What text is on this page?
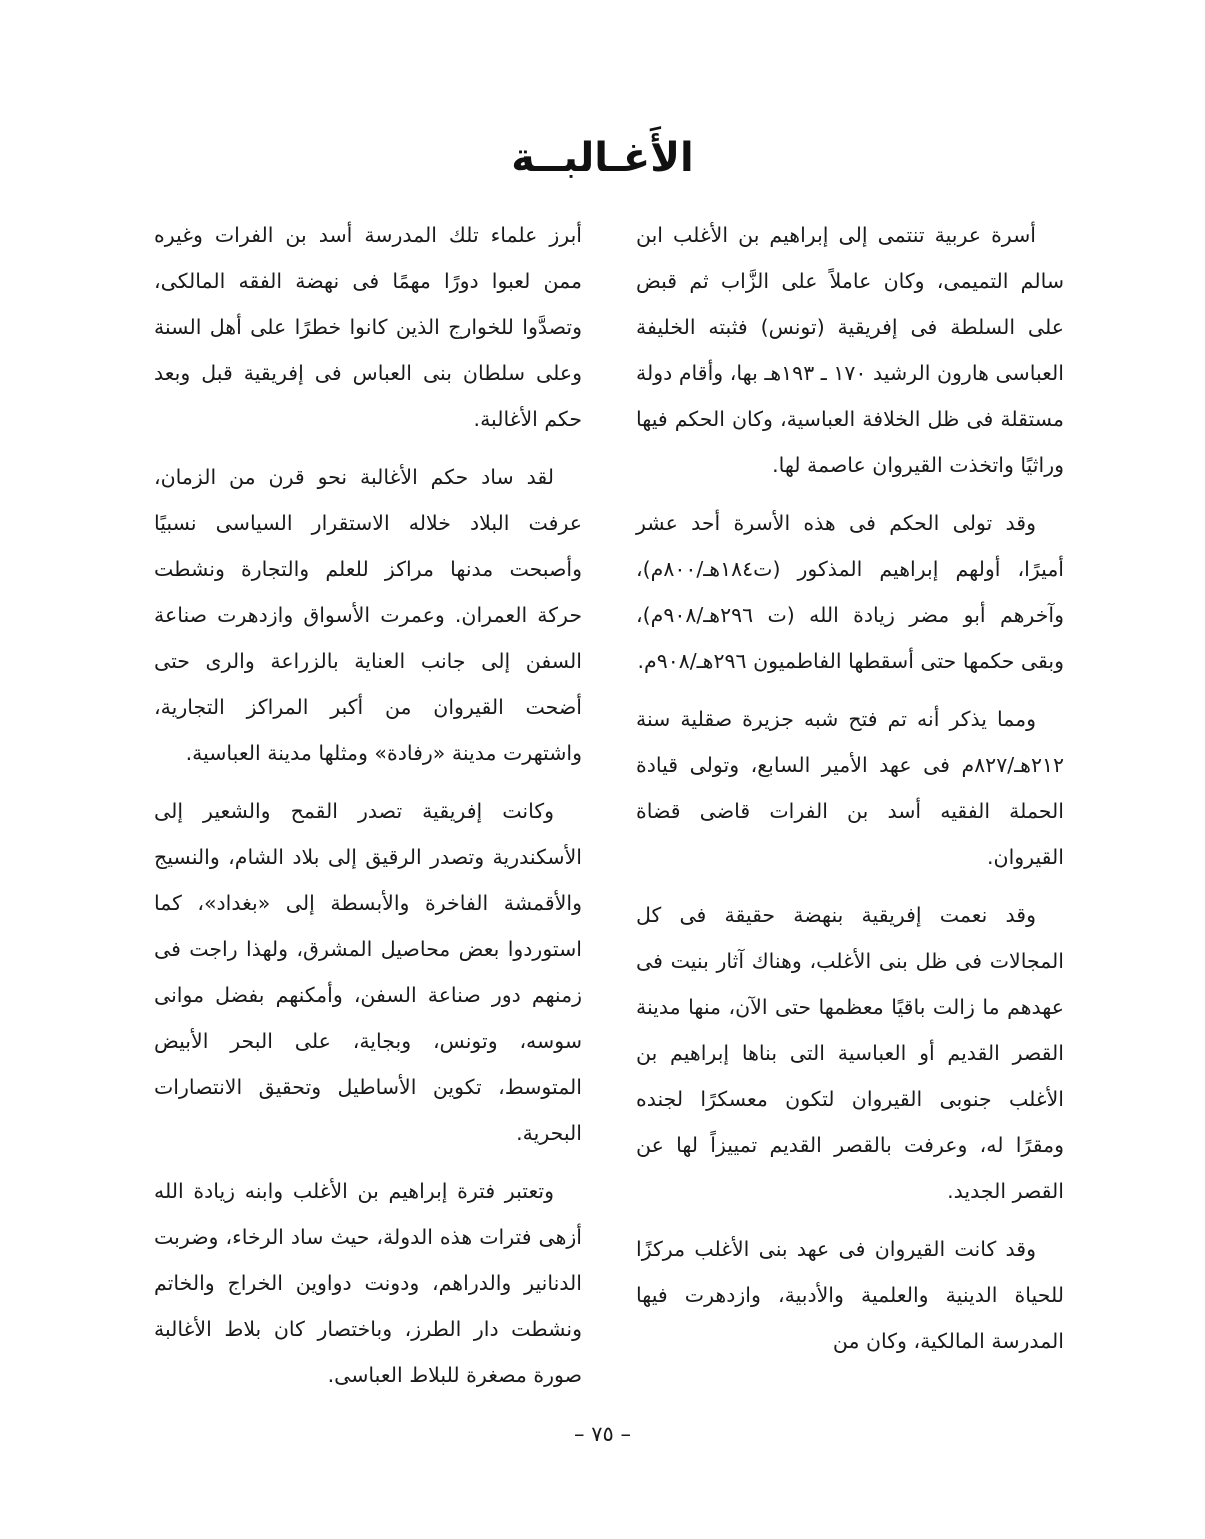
الأَغـالبــة

أسرة عربية تنتمى إلى إبراهيم بن الأغلب ابن سالم التميمى، وكان عاملاً على الزَّاب ثم قبض على السلطة فى إفريقية (تونس) فثبته الخليفة العباسى هارون الرشيد ١٧٠ ـ ١٩٣هـ بها، وأقام دولة مستقلة فى ظل الخلافة العباسية، وكان الحكم فيها وراثيًا واتخذت القيروان عاصمة لها.

وقد تولى الحكم فى هذه الأسرة أحد عشر أميرًا، أولهم إبراهيم المذكور (ت١٨٤هـ/٨٠٠م)، وآخرهم أبو مضر زيادة الله (ت ٢٩٦هـ/٩٠٨م)، وبقى حكمها حتى أسقطها الفاطميون ٢٩٦هـ/٩٠٨م.

ومما يذكر أنه تم فتح شبه جزيرة صقلية سنة ٢١٢هـ/٨٢٧م فى عهد الأمير السابع، وتولى قيادة الحملة الفقيه أسد بن الفرات قاضى قضاة القيروان.

وقد نعمت إفريقية بنهضة حقيقة فى كل المجالات فى ظل بنى الأغلب، وهناك آثار بنيت فى عهدهم ما زالت باقيًا معظمها حتى الآن، منها مدينة القصر القديم أو العباسية التى بناها إبراهيم بن الأغلب جنوبى القيروان لتكون معسكرًا لجنده ومقرًا له، وعرفت بالقصر القديم تمييزاً لها عن القصر الجديد.

وقد كانت القيروان فى عهد بنى الأغلب مركزًا للحياة الدينية والعلمية والأدبية، وازدهرت فيها المدرسة المالكية، وكان من

أبرز علماء تلك المدرسة أسد بن الفرات وغيره ممن لعبوا دورًا مهمًا فى نهضة الفقه المالكى، وتصدَّوا للخوارج الذين كانوا خطرًا على أهل السنة وعلى سلطان بنى العباس فى إفريقية قبل وبعد حكم الأغالبة.

لقد ساد حكم الأغالبة نحو قرن من الزمان، عرفت البلاد خلاله الاستقرار السياسى نسبيًا وأصبحت مدنها مراكز للعلم والتجارة ونشطت حركة العمران. وعمرت الأسواق وازدهرت صناعة السفن إلى جانب العناية بالزراعة والرى حتى أضحت القيروان من أكبر المراكز التجارية، واشتهرت مدينة «رفادة» ومثلها مدينة العباسية.

وكانت إفريقية تصدر القمح والشعير إلى الأسكندرية وتصدر الرقيق إلى بلاد الشام، والنسيج والأقمشة الفاخرة والأبسطة إلى «بغداد»، كما استوردوا بعض محاصيل المشرق، ولهذا راجت فى زمنهم دور صناعة السفن، وأمكنهم بفضل موانى سوسه، وتونس، وبجاية، على البحر الأبيض المتوسط، تكوين الأساطيل وتحقيق الانتصارات البحرية.

وتعتبر فترة إبراهيم بن الأغلب وابنه زيادة الله أزهى فترات هذه الدولة، حيث ساد الرخاء، وضربت الدنانير والدراهم، ودونت دواوين الخراج والخاتم ونشطت دار الطرز، وباختصار كان بلاط الأغالبة صورة مصغرة للبلاط العباسى.

– ٧٥ –
